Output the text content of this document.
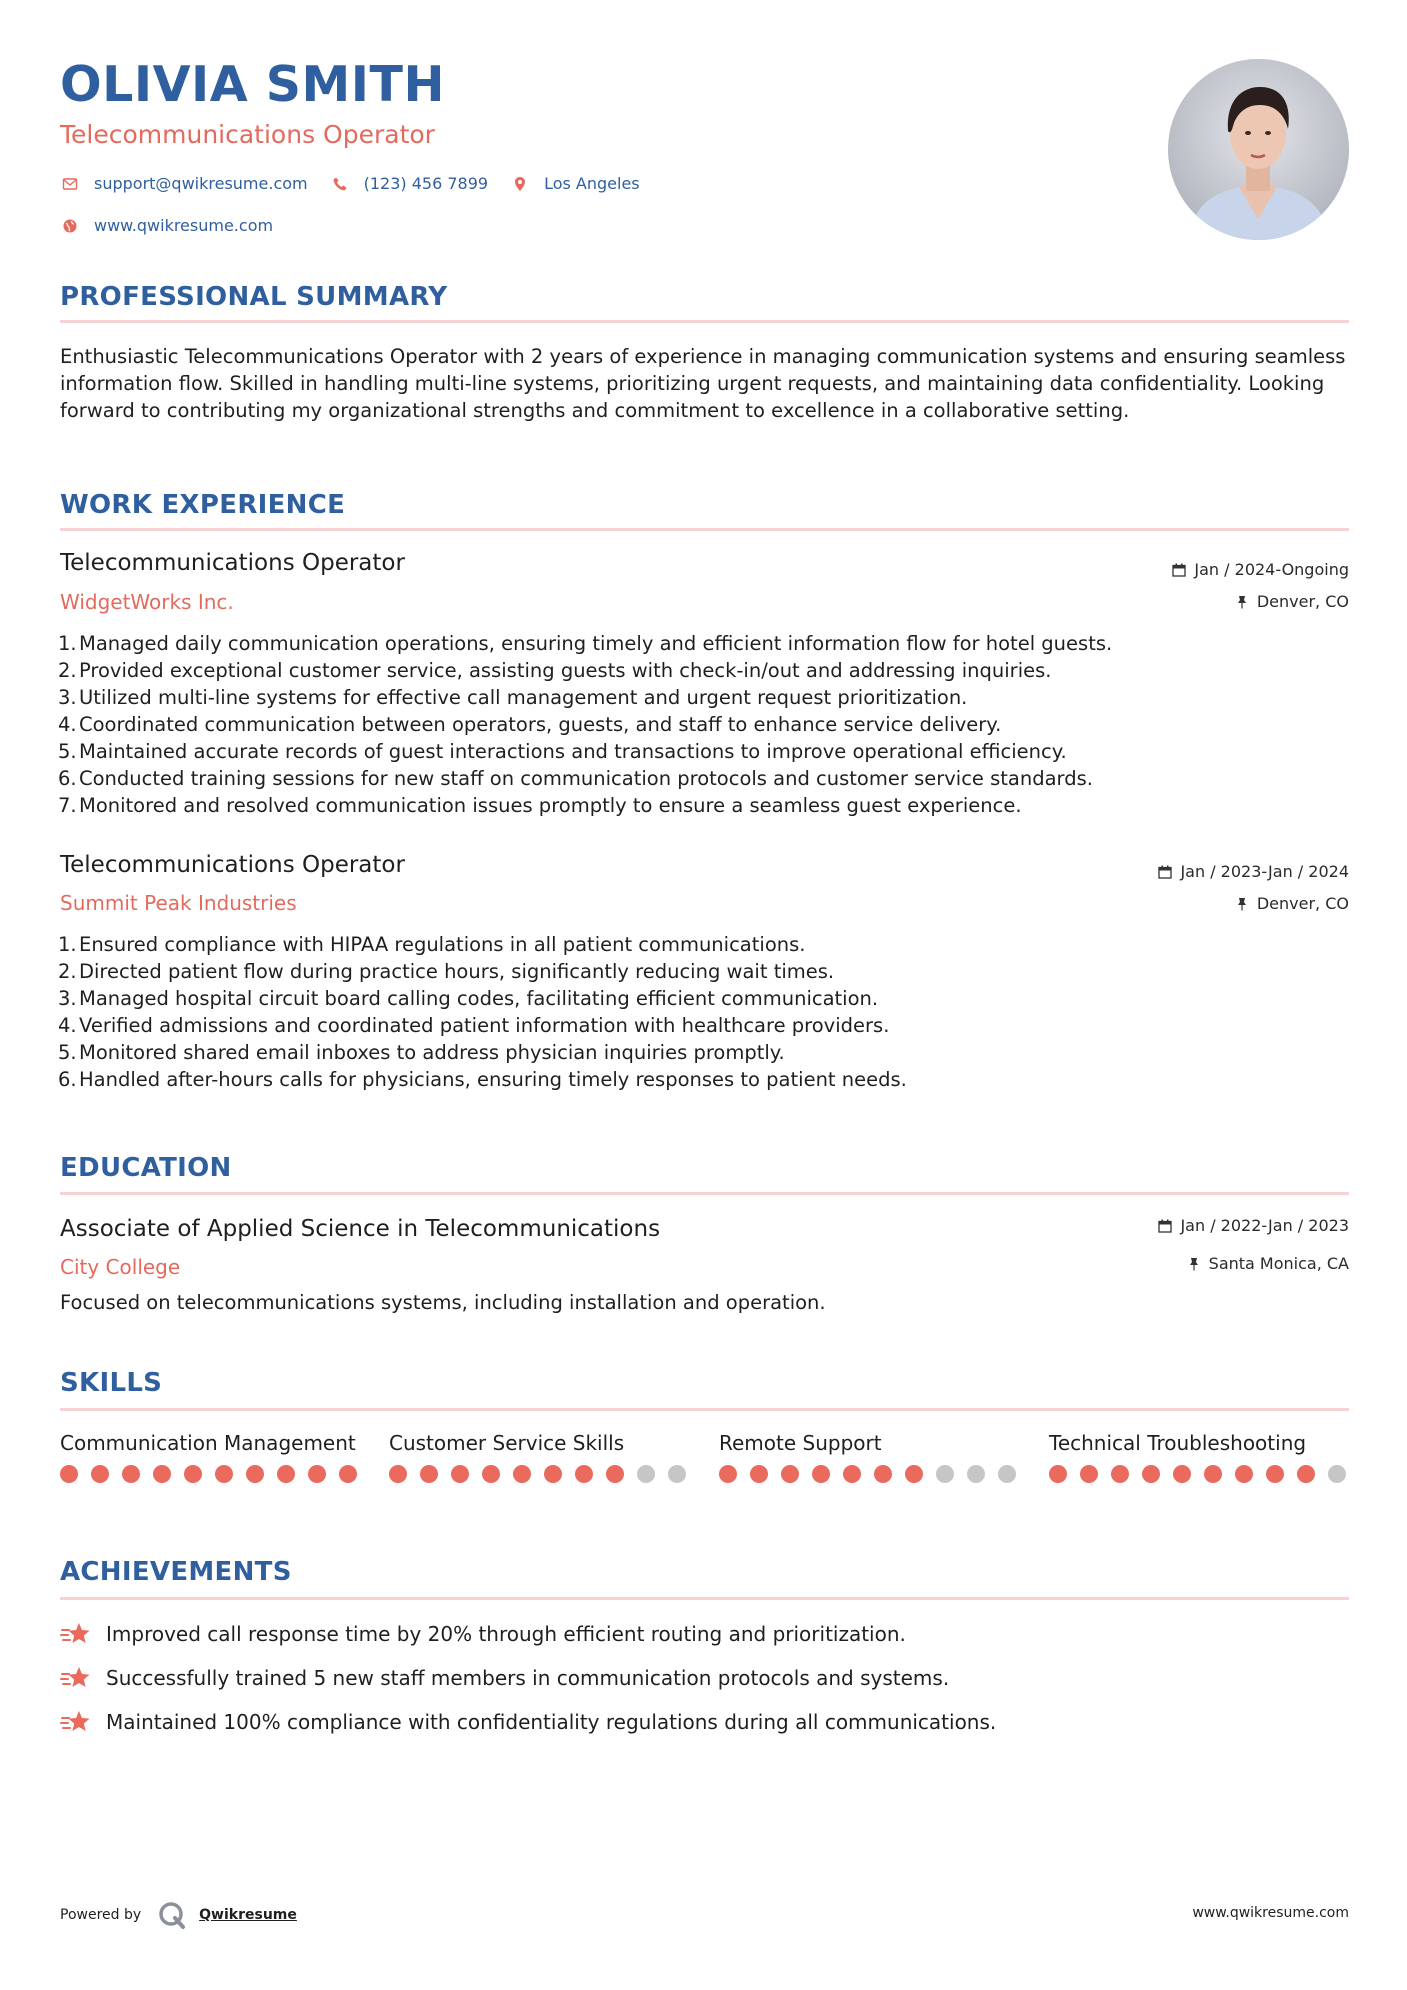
OLIVIA SMITH
Telecommunications Operator
support@qwikresume.com	(123) 456 7899	Los Angeles
www.qwikresume.com
PROFESSIONAL SUMMARY
Enthusiastic Telecommunications Operator with 2 years of experience in managing communication systems and ensuring seamless information flow. Skilled in handling multi-line systems, prioritizing urgent requests, and maintaining data confidentiality. Looking forward to contributing my organizational strengths and commitment to excellence in a collaborative setting.
WORK EXPERIENCE
Telecommunications Operator
WidgetWorks Inc.
Jan / 2024-Ongoing
Denver, CO
1. Managed daily communication operations, ensuring timely and efficient information flow for hotel guests.
2. Provided exceptional customer service, assisting guests with check-in/out and addressing inquiries.
3. Utilized multi-line systems for effective call management and urgent request prioritization.
4. Coordinated communication between operators, guests, and staff to enhance service delivery.
5. Maintained accurate records of guest interactions and transactions to improve operational efficiency.
6. Conducted training sessions for new staff on communication protocols and customer service standards.
7. Monitored and resolved communication issues promptly to ensure a seamless guest experience.
Telecommunications Operator
Summit Peak Industries
Jan / 2023-Jan / 2024
Denver, CO
1. Ensured compliance with HIPAA regulations in all patient communications.
2. Directed patient flow during practice hours, significantly reducing wait times.
3. Managed hospital circuit board calling codes, facilitating efficient communication.
4. Verified admissions and coordinated patient information with healthcare providers.
5. Monitored shared email inboxes to address physician inquiries promptly.
6. Handled after-hours calls for physicians, ensuring timely responses to patient needs.
EDUCATION
Associate of Applied Science in Telecommunications
City College
Jan / 2022-Jan / 2023
Santa Monica, CA
Focused on telecommunications systems, including installation and operation.
SKILLS
Communication Management	Customer Service Skills	Remote Support	Technical Troubleshooting
ACHIEVEMENTS
Improved call response time by 20% through efficient routing and prioritization.
Successfully trained 5 new staff members in communication protocols and systems.
Maintained 100% compliance with confidentiality regulations during all communications.
Powered by	Qwikresume	www.qwikresume.com
